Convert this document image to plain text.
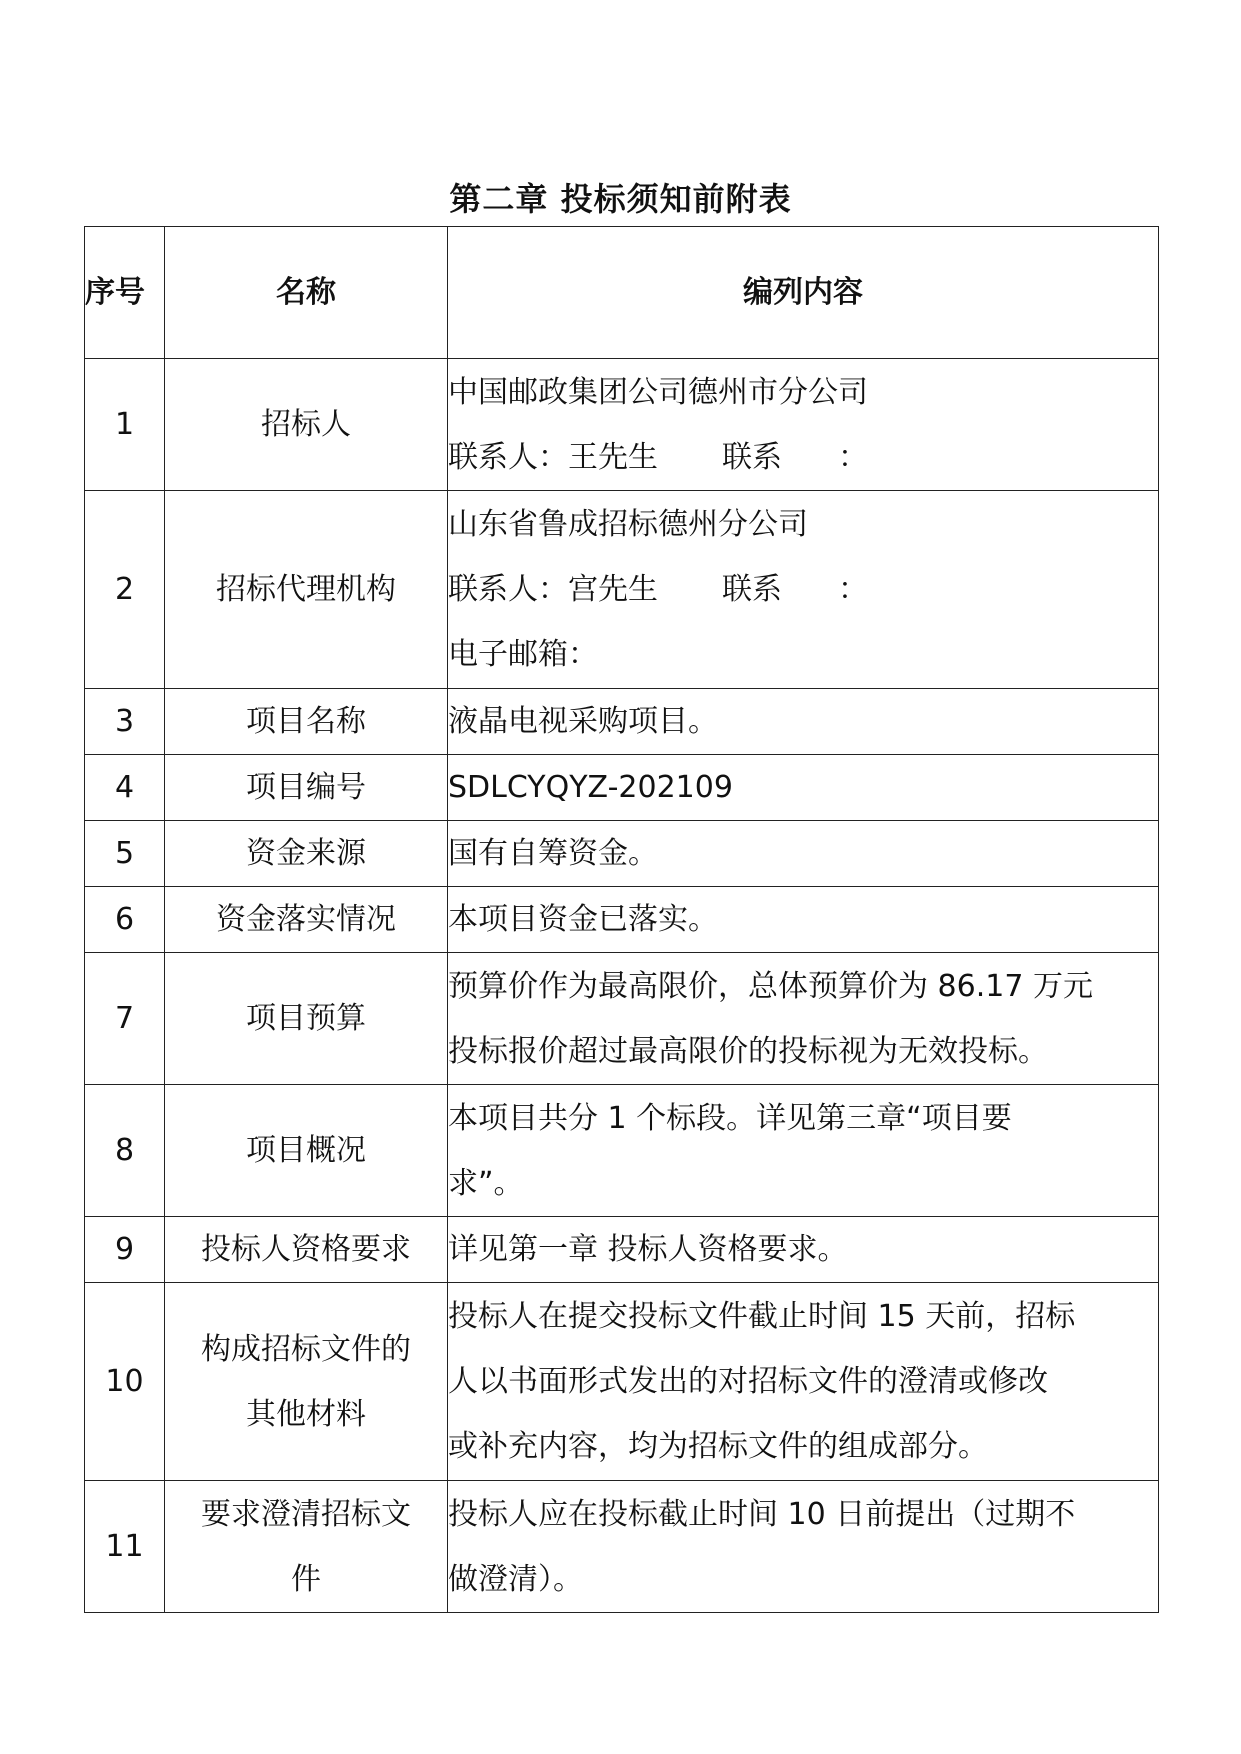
第二章 投标须知前附表
序号	名称	编列内容
1	招标人	中国邮政集团公司德州市分公司
联系人：王先生 联系 ：

2	招标代理机构	山东省鲁成招标德州分公司
联系人：宫先生 联系 ：
电子邮箱：

3	项目名称	液晶电视采购项目。
4	项目编号	SDLCYQYZ-202109
5	资金来源	国有自筹资金。
6	资金落实情况	本项目资金已落实。
7	项目预算	预算价作为最高限价，总体预算价为 86.17 万元
投标报价超过最高限价的投标视为无效投标。

8	项目概况	本项目共分 1 个标段。详见第三章“项目要
求”。

9	投标人资格要求	详见第一章 投标人资格要求。
10	构成招标文件的
其他材料	投标人在提交投标文件截止时间 15 天前，招标
人以书面形式发出的对招标文件的澄清或修改
或补充内容，均为招标文件的组成部分。

11	要求澄清招标文
件	投标人应在投标截止时间 10 日前提出（过期不
做澄清）。
